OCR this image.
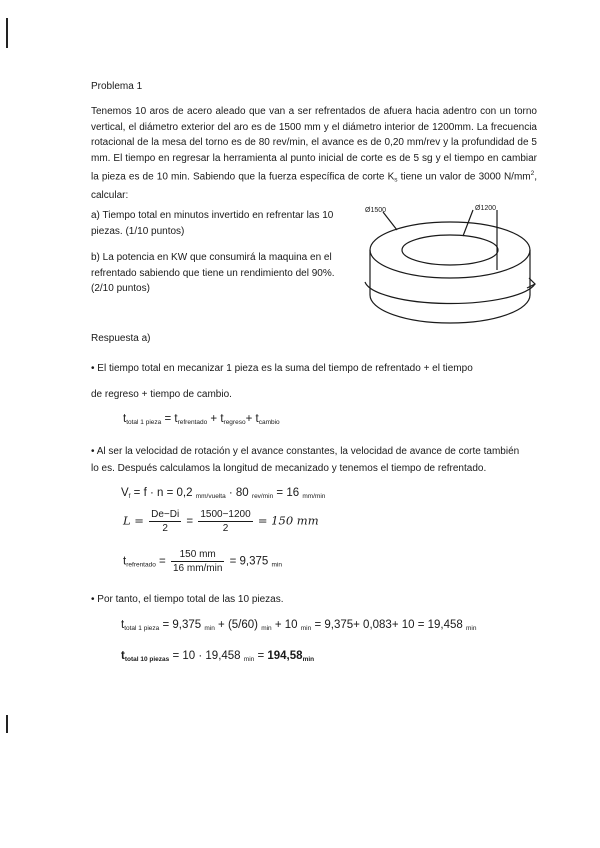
Problema 1
Tenemos 10 aros de acero aleado que van a ser refrentados de afuera hacia adentro con un torno vertical, el diámetro exterior del aro es de 1500 mm y el diámetro interior de 1200mm. La frecuencia rotacional de la mesa del torno es de 80 rev/min, el avance es de 0,20 mm/rev y la profundidad de 5 mm. El tiempo en regresar la herramienta al punto inicial de corte es de 5 sg y el tiempo en cambiar la pieza es de 10 min. Sabiendo que la fuerza específica de corte $K_s$ tiene un valor de 3000 $N/mm^2$, calcular:
a) Tiempo total en minutos invertido en refrentar las 10 piezas. (1/10 puntos)
b) La potencia en KW que consumirá la maquina en el refrentado sabiendo que tiene un rendimiento del 90%. (2/10 puntos)
Ø1500	Ø1200
Respuesta a)
• El tiempo total en mecanizar 1 pieza es la suma del tiempo de refrentado + el tiempo
de regreso + tiempo de cambio.
$t_{total 1 pieza} = t_{refrentado} + t_{regreso}+ t_{cambio}$
• Al ser la velocidad de rotación y el avance constantes, la velocidad de avance de corte también
lo es. Después calculamos la longitud de mecanizado y tenemos el tiempo de refrentado.
$V_f = f \cdot n = 0,2$ $_{mm/vuelta}$ · 80 $_{rev/min}$ = 16 $_{mm/min}$
$L = \frac{De-Di}{2} = \frac{1500-1200}{2} = 150$ mm
$t_{refrentado} = \frac{150 mm}{16 mm/\min} = 9,375$ $_{min}$
• Por tanto, el tiempo total de las 10 piezas.
$t_{total 1 pieza} = 9,375$ $_{min}$ + (5/60) $_{min}$ + 10 $_{min}$ = 9,375+ 0,083+ 10 = 19,458 $_{min}$
$t_{total 10 piezas} = 10 \cdot 19,458$ $_{min} = 194,58_{min}$
